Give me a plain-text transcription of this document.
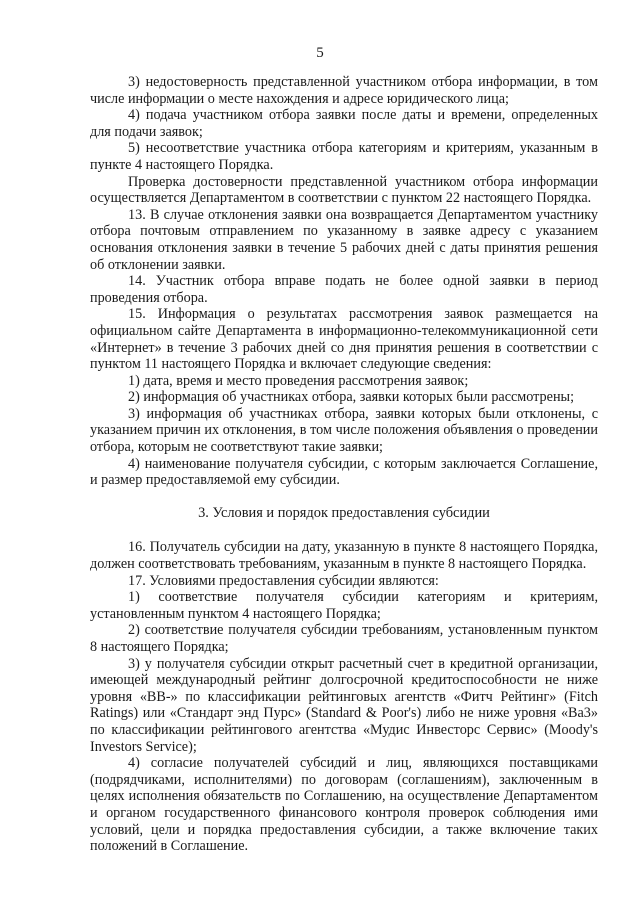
5

3) недостоверность представленной участником отбора информации, в том числе информации о месте нахождения и адресе юридического лица;

4) подача участником отбора заявки после даты и времени, определенных для подачи заявок;

5) несоответствие участника отбора категориям и критериям, указанным в пункте 4 настоящего Порядка.

Проверка достоверности представленной участником отбора информации осуществляется Департаментом в соответствии с пунктом 22 настоящего Порядка.

13. В случае отклонения заявки она возвращается Департаментом участнику отбора почтовым отправлением по указанному в заявке адресу с указанием основания отклонения заявки в течение 5 рабочих дней с даты принятия решения об отклонении заявки.

14. Участник отбора вправе подать не более одной заявки в период проведения отбора.

15. Информация о результатах рассмотрения заявок размещается на официальном сайте Департамента в информационно-телекоммуникационной сети «Интернет» в течение 3 рабочих дней со дня принятия решения в соответствии с пунктом 11 настоящего Порядка и включает следующие сведения:

1) дата, время и место проведения рассмотрения заявок;

2) информация об участниках отбора, заявки которых были рассмотрены;

3) информация об участниках отбора, заявки которых были отклонены, с указанием причин их отклонения, в том числе положения объявления о проведении отбора, которым не соответствуют такие заявки;

4) наименование получателя субсидии, с которым заключается Соглашение, и размер предоставляемой ему субсидии.

3. Условия и порядок предоставления субсидии

16. Получатель субсидии на дату, указанную в пункте 8 настоящего Порядка, должен соответствовать требованиям, указанным в пункте 8 настоящего Порядка.

17. Условиями предоставления субсидии являются:

1) соответствие получателя субсидии категориям и критериям, установленным пунктом 4 настоящего Порядка;

2) соответствие получателя субсидии требованиям, установленным пунктом 8 настоящего Порядка;

3) у получателя субсидии открыт расчетный счет в кредитной организации, имеющей международный рейтинг долгосрочной кредитоспособности не ниже уровня «ВВ-» по классификации рейтинговых агентств «Фитч Рейтинг» (Fitch Ratings) или «Стандарт энд Пурс» (Standard & Poor's) либо не ниже уровня «Ba3» по классификации рейтингового агентства «Мудис Инвесторс Сервис» (Moody's Investors Service);

4) согласие получателей субсидий и лиц, являющихся поставщиками (подрядчиками, исполнителями) по договорам (соглашениям), заключенным в целях исполнения обязательств по Соглашению, на осуществление Департаментом и органом государственного финансового контроля проверок соблюдения ими условий, цели и порядка предоставления субсидии, а также включение таких положений в Соглашение.
